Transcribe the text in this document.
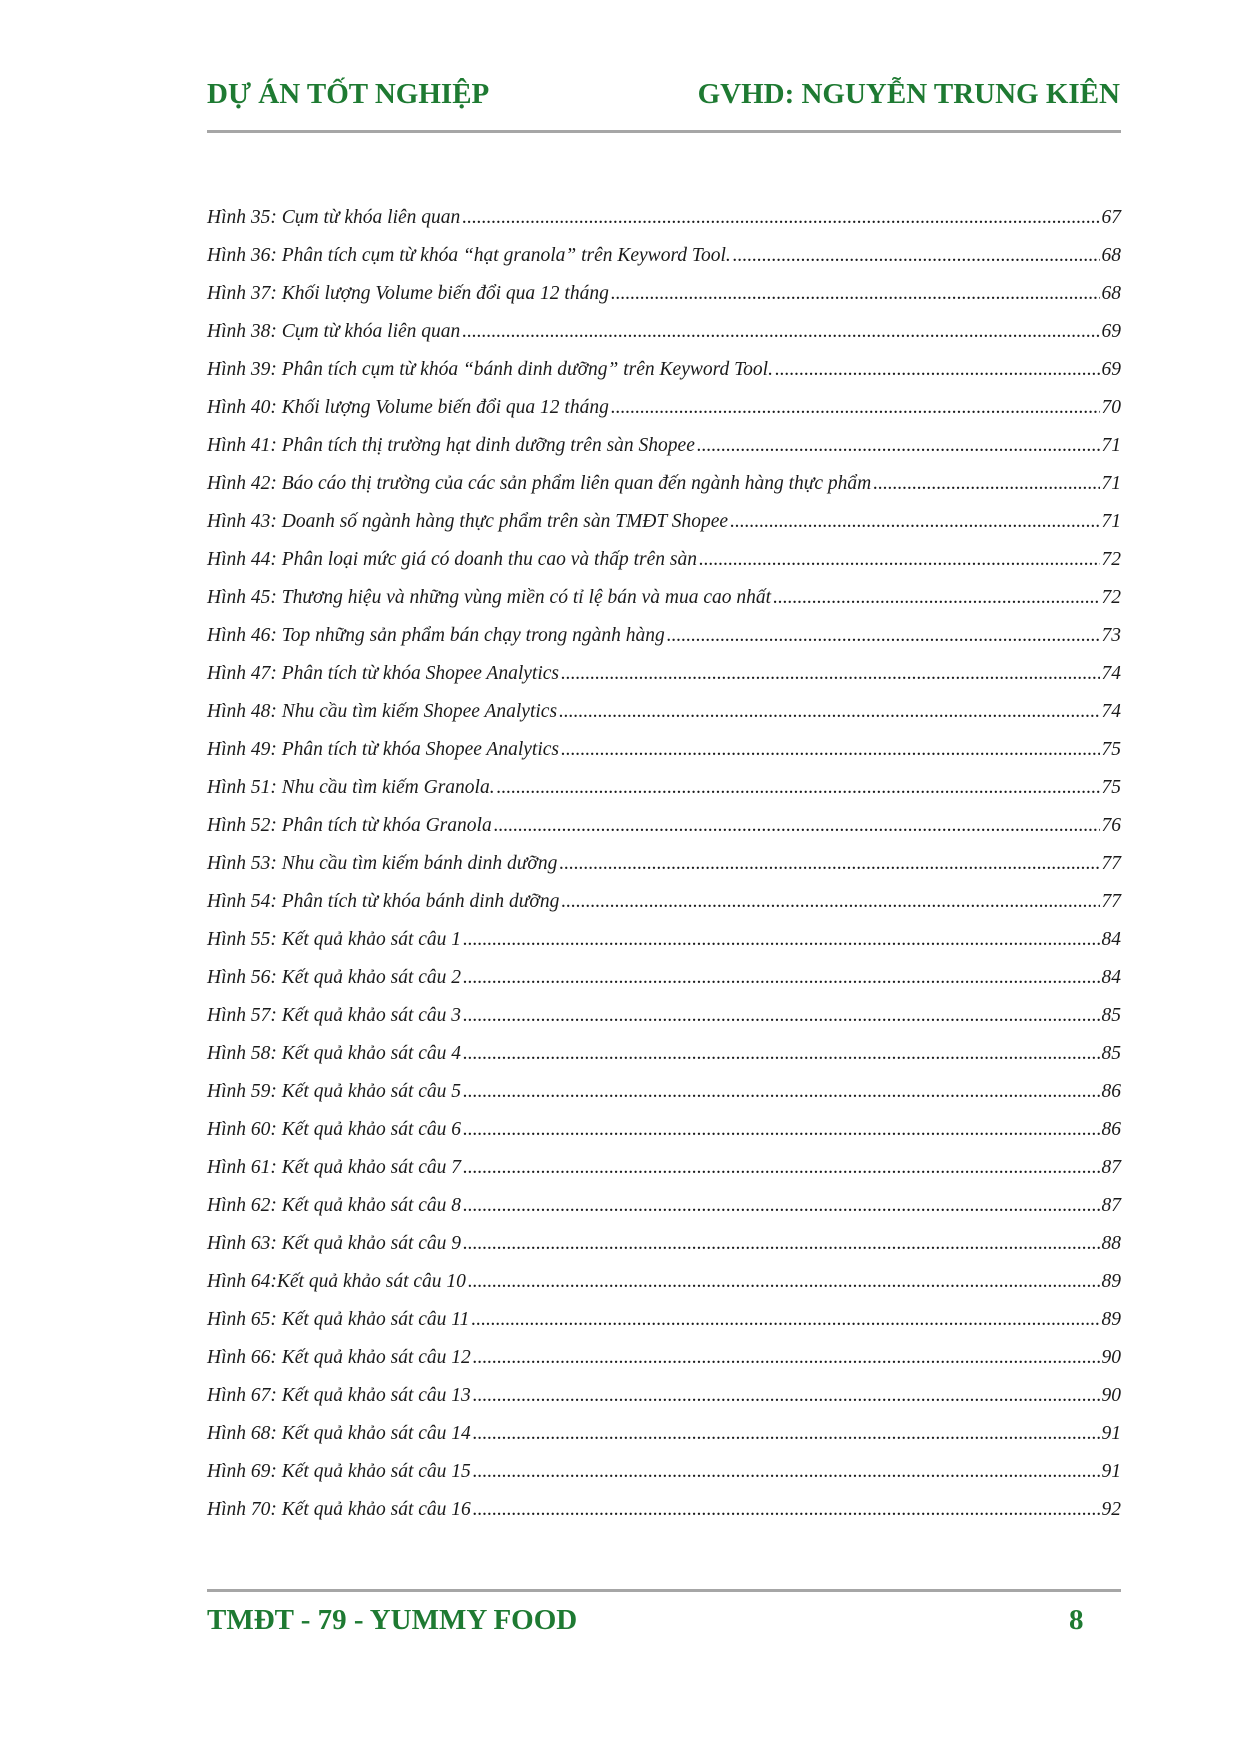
DỰ ÁN TỐT NGHIỆP	GVHD: NGUYỄN TRUNG KIÊN
Hình 35: Cụm từ khóa liên quan .....	67
Hình 36: Phân tích cụm từ khóa “hạt granola” trên Keyword Tool. .....	68
Hình 37: Khối lượng Volume biến đổi qua 12 tháng .....	68
Hình 38: Cụm từ khóa liên quan .....	69
Hình 39: Phân tích cụm từ khóa “bánh dinh dưỡng” trên Keyword Tool. .....	69
Hình 40: Khối lượng Volume biến đổi qua 12 tháng .....	70
Hình 41: Phân tích thị trường hạt dinh dưỡng trên sàn Shopee .....	71
Hình 42: Báo cáo thị trường của các sản phẩm liên quan đến ngành hàng thực phẩm .....	71
Hình 43: Doanh số ngành hàng thực phẩm trên sàn TMĐT Shopee .....	71
Hình 44: Phân loại mức giá có doanh thu cao và thấp trên sàn .....	72
Hình 45: Thương hiệu và những vùng miền có tỉ lệ bán và mua cao nhất .....	72
Hình 46: Top những sản phẩm bán chạy trong ngành hàng .....	73
Hình 47: Phân tích từ khóa Shopee Analytics .....	74
Hình 48: Nhu cầu tìm kiếm Shopee Analytics .....	74
Hình 49: Phân tích từ khóa Shopee Analytics .....	75
Hình 51: Nhu cầu tìm kiếm Granola. .....	75
Hình 52: Phân tích từ khóa Granola .....	76
Hình 53: Nhu cầu tìm kiếm bánh dinh dưỡng .....	77
Hình 54: Phân tích từ khóa bánh dinh dưỡng .....	77
Hình 55: Kết quả khảo sát câu 1 .....	84
Hình 56: Kết quả khảo sát câu 2 .....	84
Hình 57: Kết quả khảo sát câu 3 .....	85
Hình 58: Kết quả khảo sát câu 4 .....	85
Hình 59: Kết quả khảo sát câu 5 .....	86
Hình 60: Kết quả khảo sát câu 6 .....	86
Hình 61: Kết quả khảo sát câu 7 .....	87
Hình 62: Kết quả khảo sát câu 8 .....	87
Hình 63: Kết quả khảo sát câu 9 .....	88
Hình 64:Kết quả khảo sát câu 10 .....	89
Hình 65: Kết quả khảo sát câu 11 .....	89
Hình 66: Kết quả khảo sát câu 12 .....	90
Hình 67: Kết quả khảo sát câu 13 .....	90
Hình 68: Kết quả khảo sát câu 14 .....	91
Hình 69: Kết quả khảo sát câu 15 .....	91
Hình 70: Kết quả khảo sát câu 16 .....	92
TMĐT - 79 - YUMMY FOOD	8
